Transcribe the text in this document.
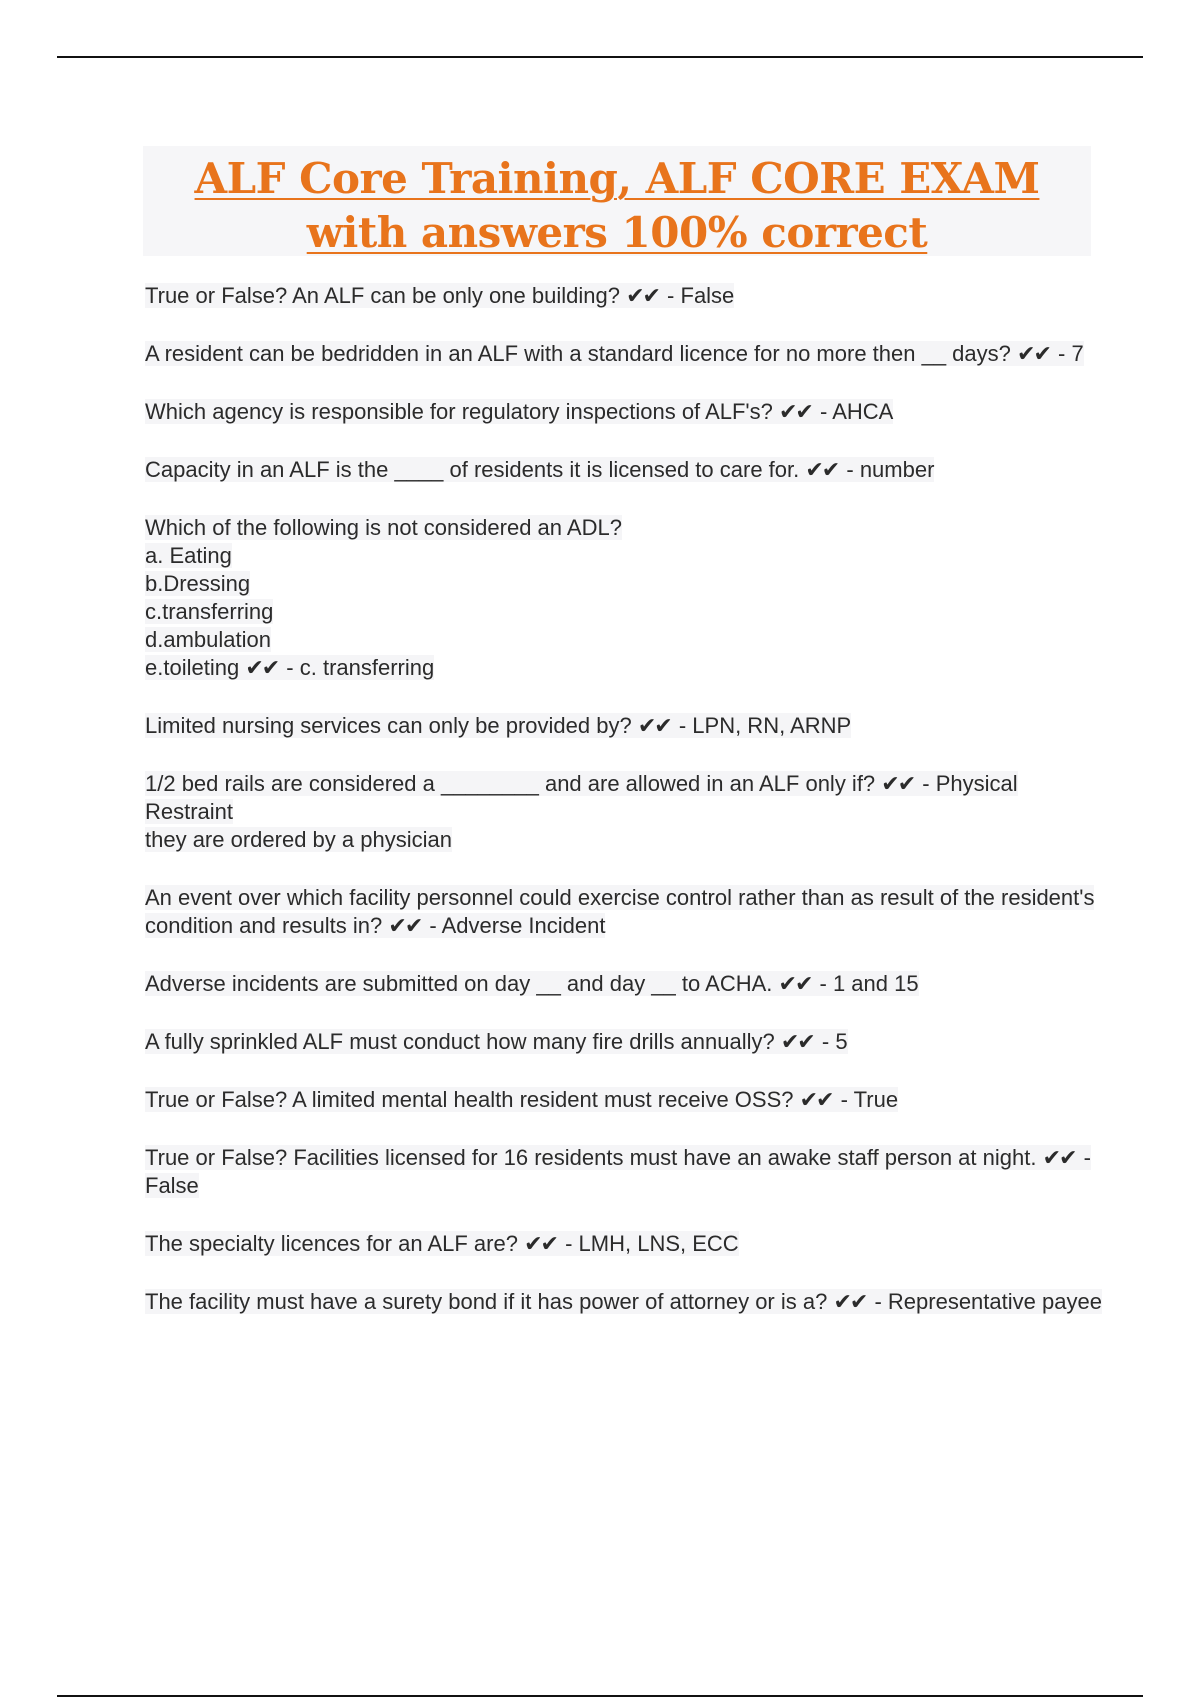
ALF Core Training, ALF CORE EXAM
with answers 100% correct
True or False? An ALF can be only one building? ✔✔ - False
A resident can be bedridden in an ALF with a standard licence for no more then __ days? ✔✔ - 7
Which agency is responsible for regulatory inspections of ALF's? ✔✔ - AHCA
Capacity in an ALF is the ____ of residents it is licensed to care for. ✔✔ - number
Which of the following is not considered an ADL?
a. Eating
b.Dressing
c.transferring
d.ambulation
e.toileting ✔✔ - c. transferring
Limited nursing services can only be provided by? ✔✔ - LPN, RN, ARNP
1/2 bed rails are considered a ________ and are allowed in an ALF only if? ✔✔ - Physical Restraint
they are ordered by a physician
An event over which facility personnel could exercise control rather than as result of the resident's condition and results in? ✔✔ - Adverse Incident
Adverse incidents are submitted on day __ and day __ to ACHA. ✔✔ - 1 and 15
A fully sprinkled ALF must conduct how many fire drills annually? ✔✔ - 5
True or False? A limited mental health resident must receive OSS? ✔✔ - True
True or False? Facilities licensed for 16 residents must have an awake staff person at night. ✔✔ - False
The specialty licences for an ALF are? ✔✔ - LMH, LNS, ECC
The facility must have a surety bond if it has power of attorney or is a? ✔✔ - Representative payee
